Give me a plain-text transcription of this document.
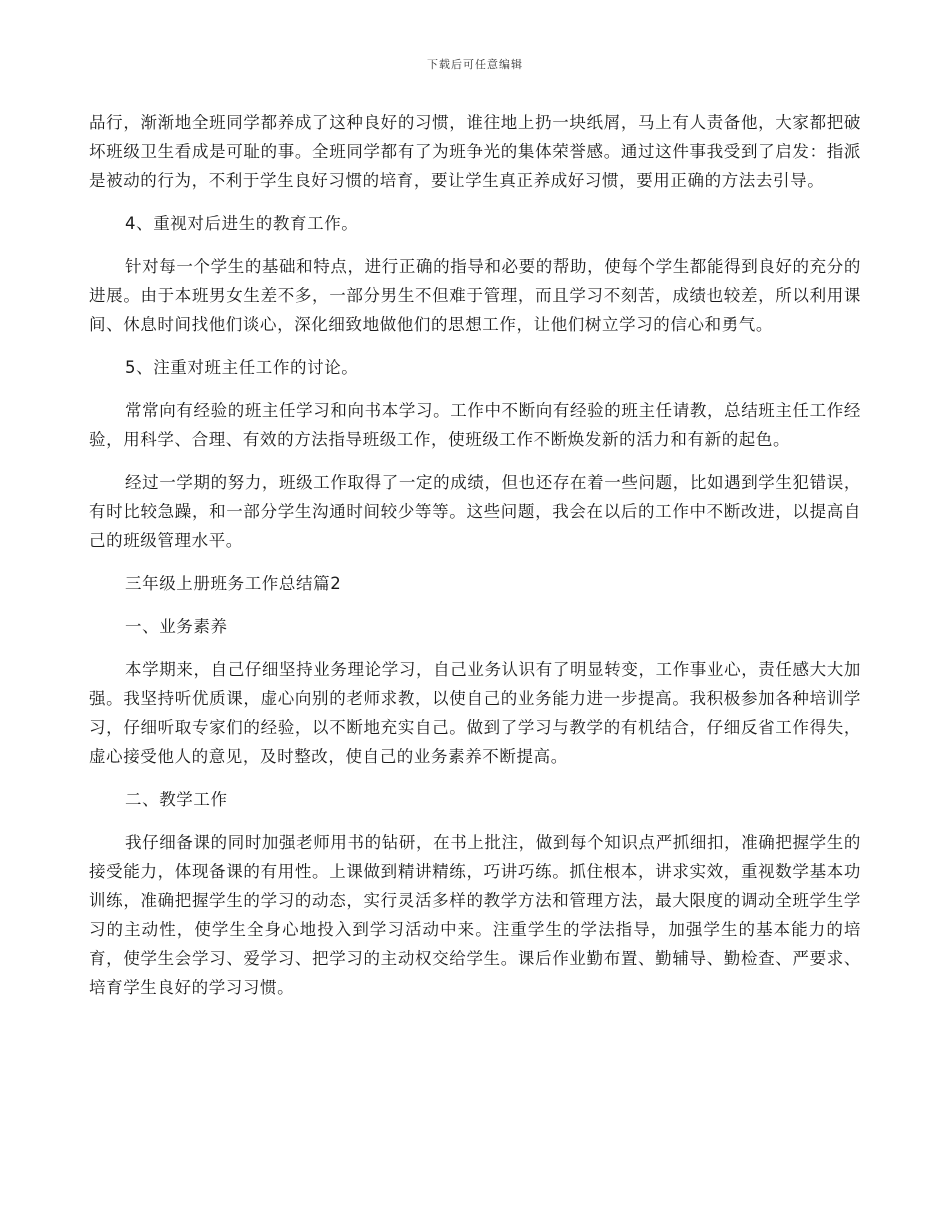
下载后可任意编辑

品行，渐渐地全班同学都养成了这种良好的习惯，谁往地上扔一块纸屑，马上有人责备他，大家都把破坏班级卫生看成是可耻的事。全班同学都有了为班争光的集体荣誉感。通过这件事我受到了启发：指派是被动的行为，不利于学生良好习惯的培育，要让学生真正养成好习惯，要用正确的方法去引导。

4、重视对后进生的教育工作。

针对每一个学生的基础和特点，进行正确的指导和必要的帮助，使每个学生都能得到良好的充分的进展。由于本班男女生差不多，一部分男生不但难于管理，而且学习不刻苦，成绩也较差，所以利用课间、休息时间找他们谈心，深化细致地做他们的思想工作，让他们树立学习的信心和勇气。

5、注重对班主任工作的讨论。

常常向有经验的班主任学习和向书本学习。工作中不断向有经验的班主任请教，总结班主任工作经验，用科学、合理、有效的方法指导班级工作，使班级工作不断焕发新的活力和有新的起色。

经过一学期的努力，班级工作取得了一定的成绩，但也还存在着一些问题，比如遇到学生犯错误，有时比较急躁，和一部分学生沟通时间较少等等。这些问题，我会在以后的工作中不断改进，以提高自己的班级管理水平。

三年级上册班务工作总结篇2

一、业务素养

本学期来，自己仔细坚持业务理论学习，自己业务认识有了明显转变，工作事业心，责任感大大加强。我坚持听优质课，虚心向别的老师求教，以使自己的业务能力进一步提高。我积极参加各种培训学习，仔细听取专家们的经验，以不断地充实自己。做到了学习与教学的有机结合，仔细反省工作得失，虚心接受他人的意见，及时整改，使自己的业务素养不断提高。

二、教学工作

我仔细备课的同时加强老师用书的钻研，在书上批注，做到每个知识点严抓细扣，准确把握学生的接受能力，体现备课的有用性。上课做到精讲精练，巧讲巧练。抓住根本，讲求实效，重视数学基本功训练，准确把握学生的学习的动态，实行灵活多样的教学方法和管理方法，最大限度的调动全班学生学习的主动性，使学生全身心地投入到学习活动中来。注重学生的学法指导，加强学生的基本能力的培育，使学生会学习、爱学习、把学习的主动权交给学生。课后作业勤布置、勤辅导、勤检查、严要求、培育学生良好的学习习惯。
